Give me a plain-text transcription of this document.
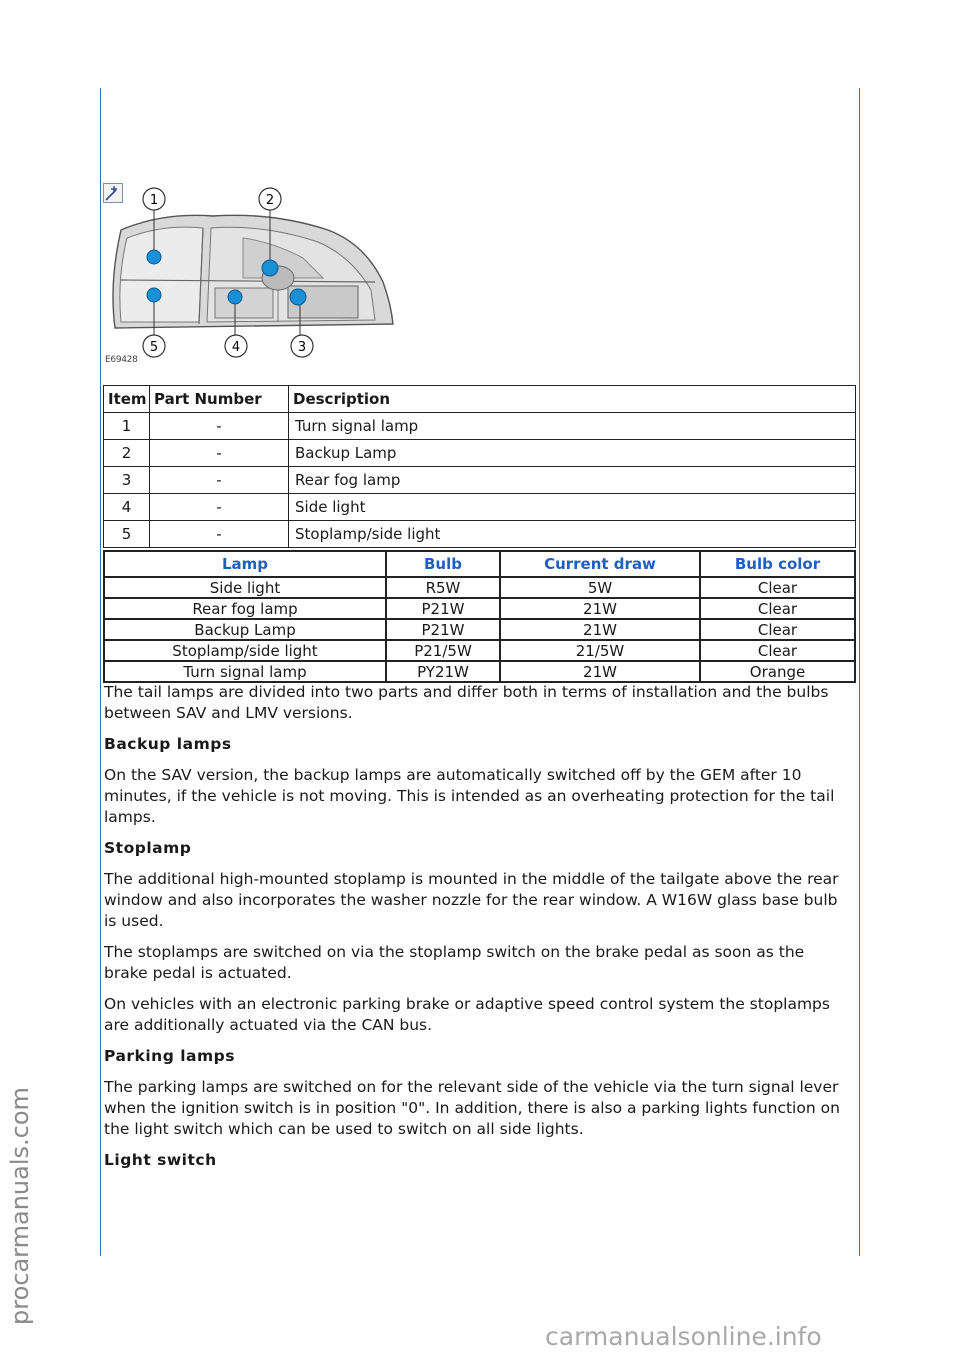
procarmanuals.com
1	2
3
4
5
E69428
Item	Part Number	Description
1	-	Turn signal lamp
2	-	Backup Lamp
3	-	Rear fog lamp
4	-	Side light
5	-	Stoplamp/side light
Lamp	Bulb	Current draw	Bulb color
Side light	R5W	5W	Clear
Rear fog lamp	P21W	21W	Clear
Backup Lamp	P21W	21W	Clear
Stoplamp/side light	P21/5W	21/5W	Clear
Turn signal lamp	PY21W	21W	Orange

The tail lamps are divided into two parts and differ both in terms of installation and the bulbs between SAV and LMV versions.

Backup lamps

On the SAV version, the backup lamps are automatically switched off by the GEM after 10 minutes, if the vehicle is not moving. This is intended as an overheating protection for the tail lamps.

Stoplamp

The additional high-mounted stoplamp is mounted in the middle of the tailgate above the rear window and also incorporates the washer nozzle for the rear window. A W16W glass base bulb is used.

The stoplamps are switched on via the stoplamp switch on the brake pedal as soon as the brake pedal is actuated.

On vehicles with an electronic parking brake or adaptive speed control system the stoplamps are additionally actuated via the CAN bus.

Parking lamps

The parking lamps are switched on for the relevant side of the vehicle via the turn signal lever when the ignition switch is in position "0". In addition, there is also a parking lights function on the light switch which can be used to switch on all side lights.

Light switch
carmanualsonline.info
